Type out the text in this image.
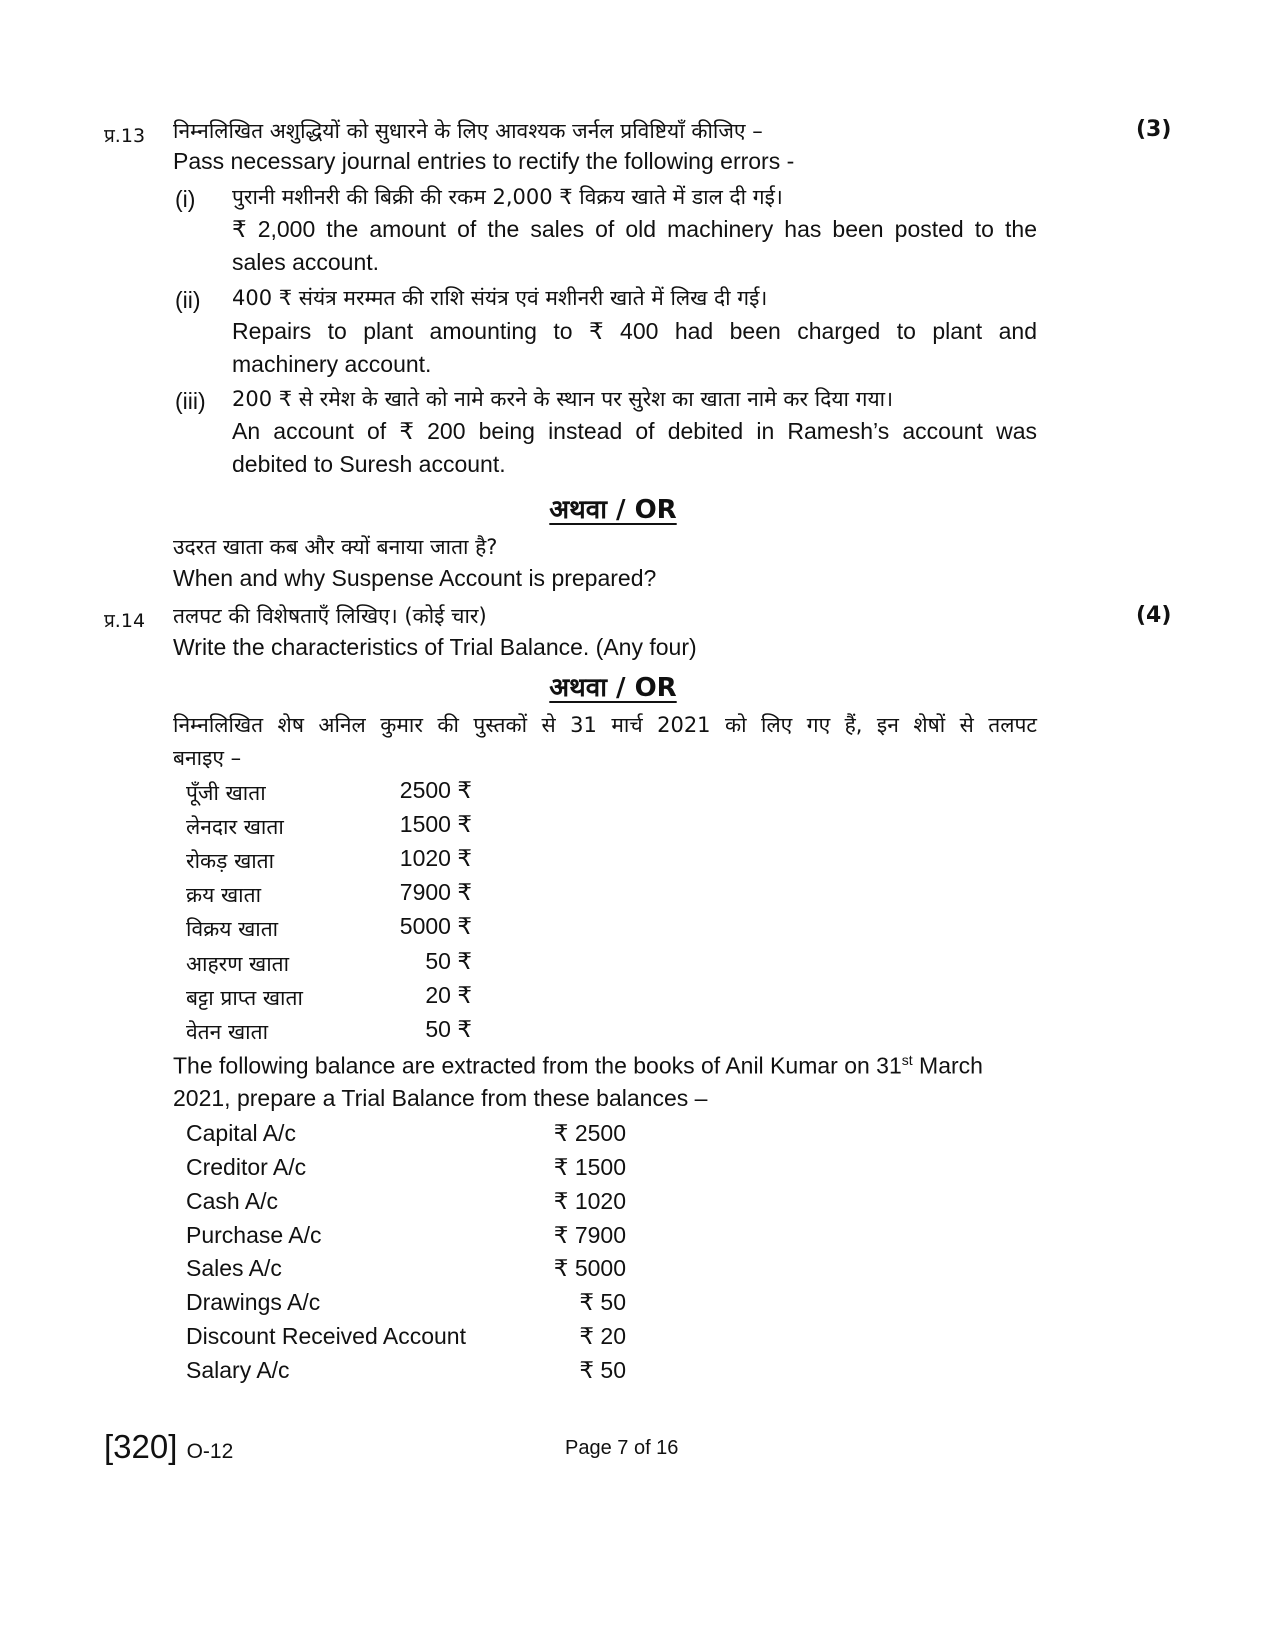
प्र.13 निम्नलिखित अशुद्धियों को सुधारने के लिए आवश्यक जर्नल प्रविष्टियाँ कीजिए –	(3)
Pass necessary journal entries to rectify the following errors -
(i) पुरानी मशीनरी की बिक्री की रकम 2,000 ₹ विक्रय खाते में डाल दी गई।
₹ 2,000 the amount of the sales of old machinery has been posted to the
sales account.
(ii) 400 ₹ संयंत्र मरम्मत की राशि संयंत्र एवं मशीनरी खाते में लिख दी गई।
Repairs to plant amounting to ₹ 400 had been charged to plant and
machinery account.
(iii) 200 ₹ से रमेश के खाते को नामे करने के स्थान पर सुरेश का खाता नामे कर दिया गया।
An account of ₹ 200 being instead of debited in Ramesh’s account was
debited to Suresh account.
अथवा / OR
उदरत खाता कब और क्यों बनाया जाता है?
When and why Suspense Account is prepared?
प्र.14 तलपट की विशेषताएँ लिखिए। (कोई चार)	(4)
Write the characteristics of Trial Balance. (Any four)
अथवा / OR
निम्नलिखित शेष अनिल कुमार की पुस्तकों से 31 मार्च 2021 को लिए गए हैं, इन शेषों से तलपट
बनाइए –
पूँजी खाता	2500 ₹
लेनदार खाता	1500 ₹
रोकड़ खाता	1020 ₹
क्रय खाता	7900 ₹
विक्रय खाता	5000 ₹
आहरण खाता	50 ₹
बट्टा प्राप्त खाता	20 ₹
वेतन खाता	50 ₹
The following balance are extracted from the books of Anil Kumar on 31st March
2021, prepare a Trial Balance from these balances –
Capital A/c	₹ 2500
Creditor A/c	₹ 1500
Cash A/c	₹ 1020
Purchase A/c	₹ 7900
Sales A/c	₹ 5000
Drawings A/c	₹ 50
Discount Received Account	₹ 20
Salary A/c	₹ 50
[320] O-12	Page 7 of 16
